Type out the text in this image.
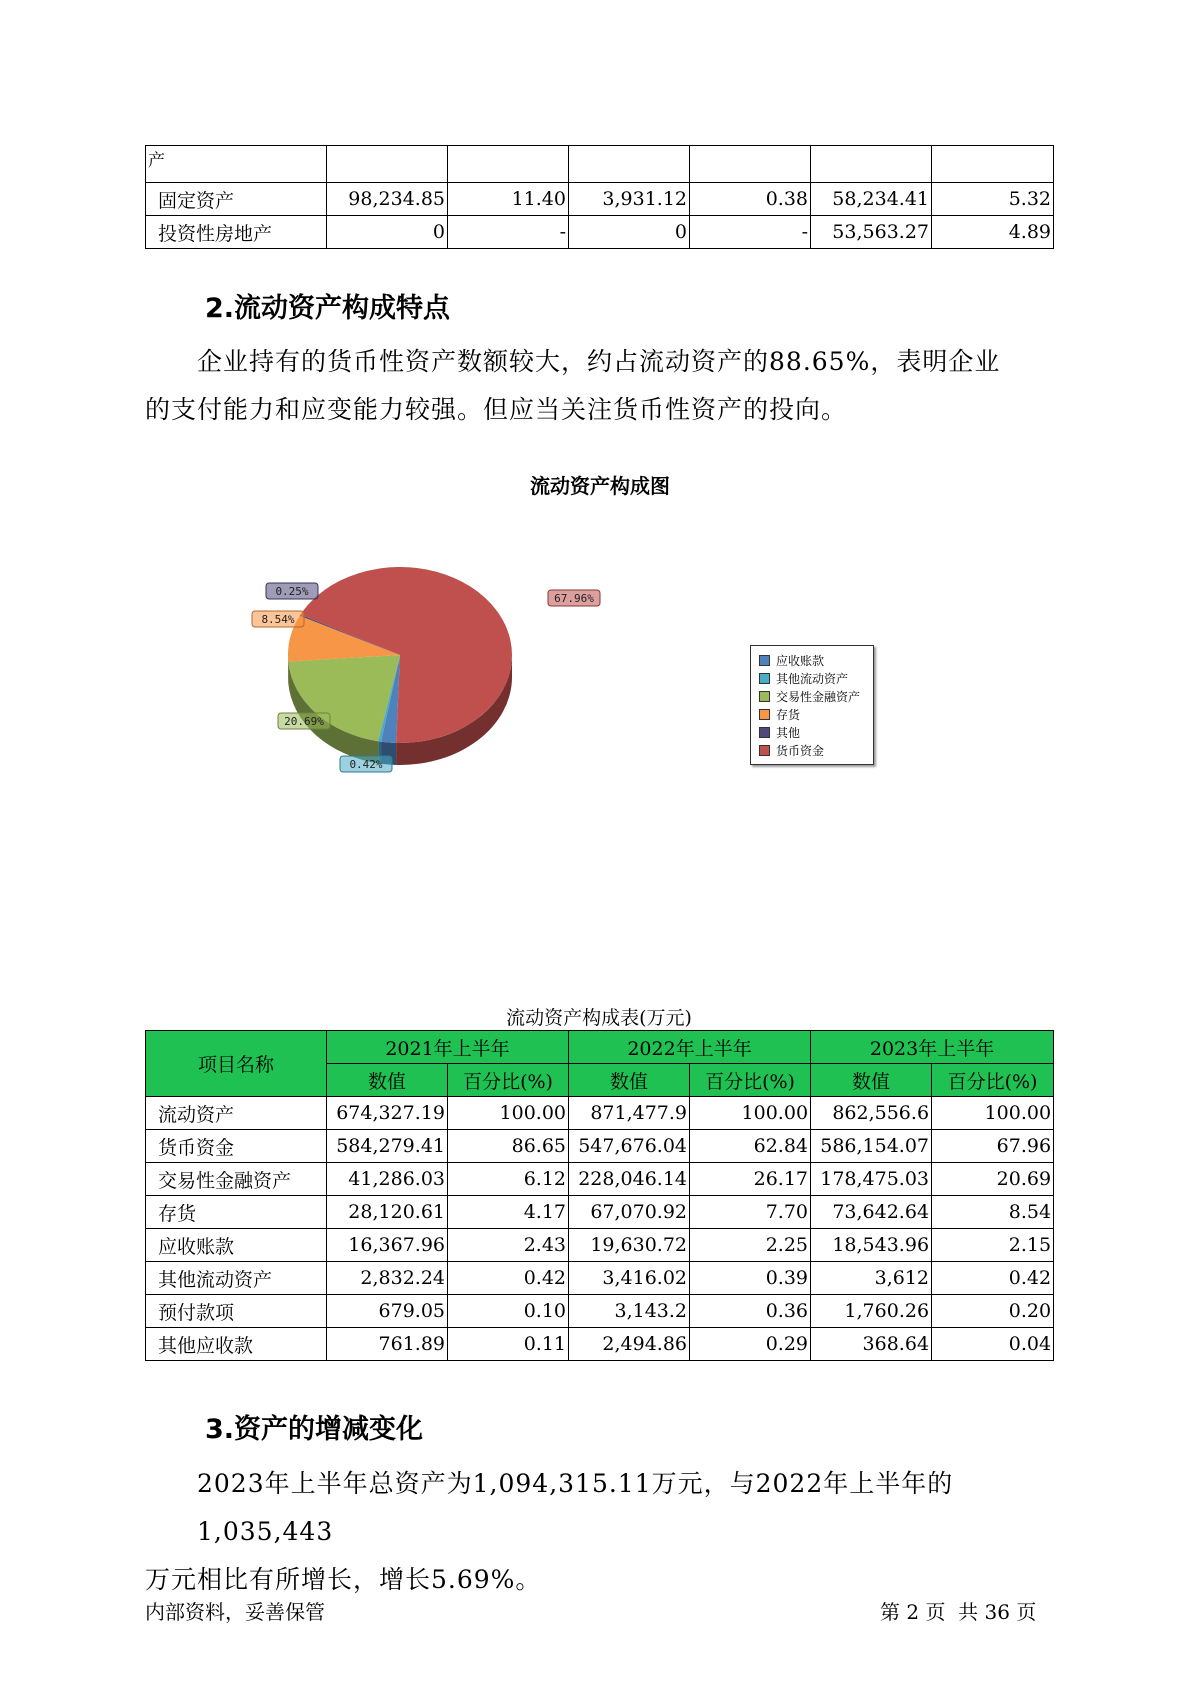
产						
固定资产	98,234.85	11.40	3,931.12	0.38	58,234.41	5.32
投资性房地产	0	-	0	-	53,563.27	4.89
2.流动资产构成特点
企业持有的货币性资产数额较大，约占流动资产的88.65%，表明企业
的支付能力和应变能力较强。但应当关注货币性资产的投向。
流动资产构成图
0.42%
20.69%
8.54%
0.25%
67.96%
应收账款
其他流动资产
交易性金融资产
存货
其他
货币资金
流动资产构成表(万元)
项目名称	2021年上半年		2022年上半年		2023年上半年	
	数值	百分比(%)	数值	百分比(%)	数值	百分比(%)
流动资产	674,327.19	100.00	871,477.9	100.00	862,556.6	100.00
货币资金	584,279.41	86.65	547,676.04	62.84	586,154.07	67.96
交易性金融资产	41,286.03	6.12	228,046.14	26.17	178,475.03	20.69
存货	28,120.61	4.17	67,070.92	7.70	73,642.64	8.54
应收账款	16,367.96	2.43	19,630.72	2.25	18,543.96	2.15
其他流动资产	2,832.24	0.42	3,416.02	0.39	3,612	0.42
预付款项	679.05	0.10	3,143.2	0.36	1,760.26	0.20
其他应收款	761.89	0.11	2,494.86	0.29	368.64	0.04
3.资产的增减变化
2023年上半年总资产为1,094,315.11万元，与2022年上半年的1,035,443
万元相比有所增长，增长5.69%。
内部资料，妥善保管	第 2 页  共 36 页
